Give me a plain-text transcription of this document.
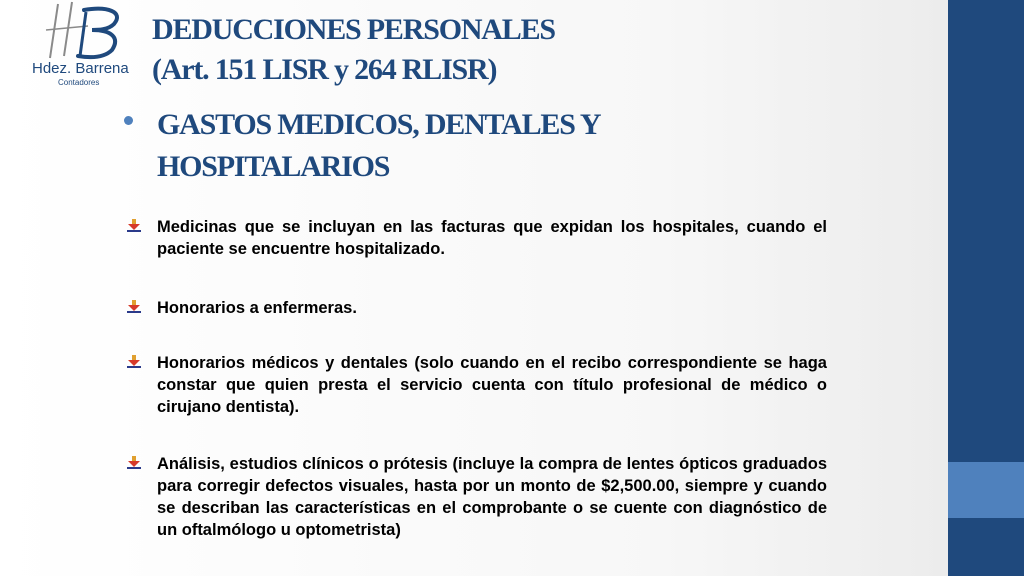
Hdez. Barrena
Contadores
DEDUCCIONES PERSONALES
(Art. 151 LISR y 264 RLISR)
GASTOS MEDICOS, DENTALES Y
HOSPITALARIOS
Medicinas que se incluyan en las facturas que expidan los hospitales, cuando el paciente se encuentre hospitalizado.
Honorarios a enfermeras.
Honorarios médicos y dentales (solo cuando en el recibo correspondiente se haga constar que quien presta el servicio cuenta con título profesional de médico o cirujano dentista).
Análisis, estudios clínicos o prótesis (incluye la compra de lentes ópticos graduados para corregir defectos visuales, hasta por un monto de $2,500.00, siempre y cuando se describan las características en el comprobante o se cuente con diagnóstico de un oftalmólogo u optometrista)
